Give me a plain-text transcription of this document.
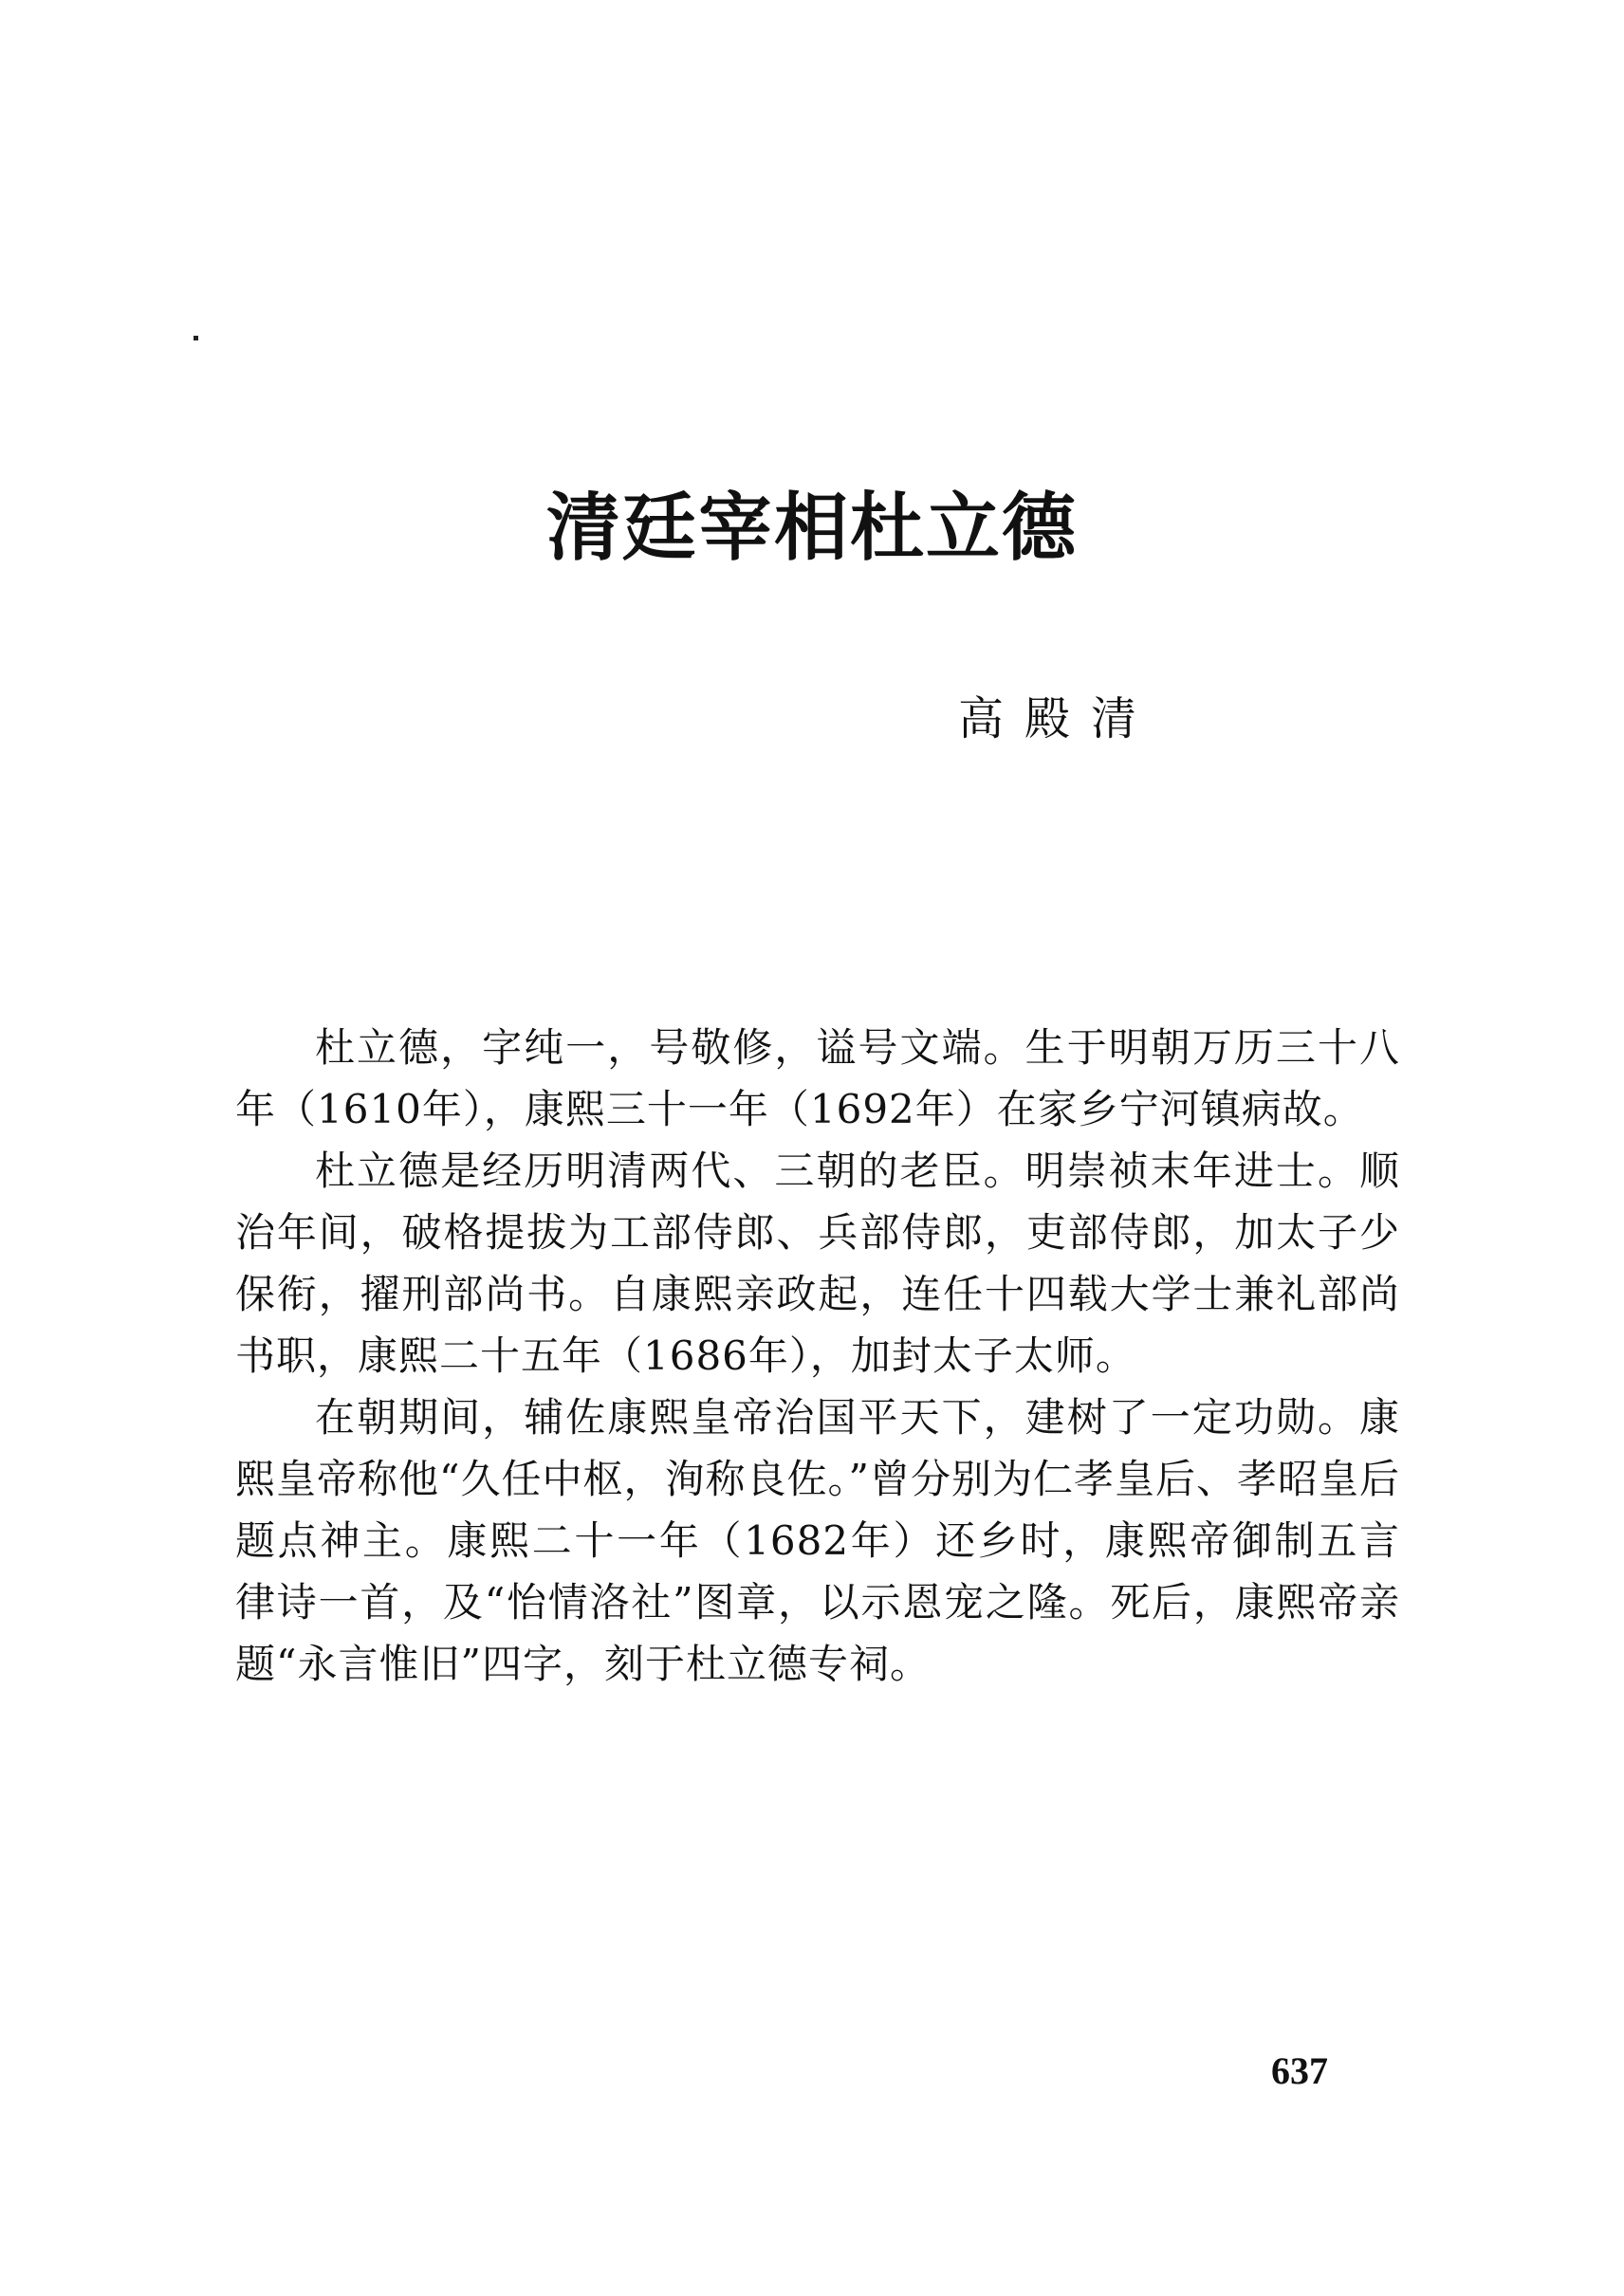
清廷宰相杜立德
高殿清

杜立德，字纯一，号敬修，谥号文端。生于明朝万历三十八年（1610年），康熙三十一年（1692年）在家乡宁河镇病故。

杜立德是经历明清两代、三朝的老臣。明崇祯末年进士。顺治年间，破格提拔为工部侍郎、兵部侍郎，吏部侍郎，加太子少保衔，擢刑部尚书。自康熙亲政起，连任十四载大学士兼礼部尚书职，康熙二十五年（1686年），加封太子太师。

在朝期间，辅佐康熙皇帝治国平天下，建树了一定功勋。康熙皇帝称他“久任中枢，洵称良佐。”曾分别为仁孝皇后、孝昭皇后题点神主。康熙二十一年（1682年）还乡时，康熙帝御制五言律诗一首，及“怡情洛社”图章，以示恩宠之隆。死后，康熙帝亲题“永言惟旧”四字，刻于杜立德专祠。

637
